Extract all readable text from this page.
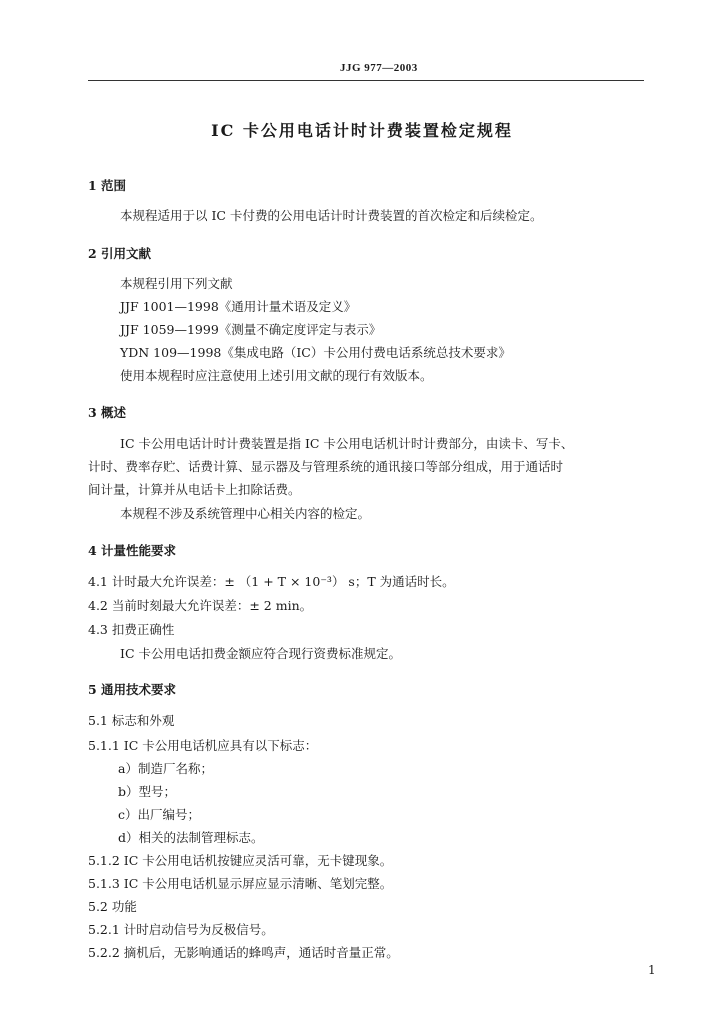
JJG 977—2003
IC 卡公用电话计时计费装置检定规程
1 范围
本规程适用于以 IC 卡付费的公用电话计时计费装置的首次检定和后续检定。
2 引用文献
本规程引用下列文献
JJF 1001—1998《通用计量术语及定义》
JJF 1059—1999《测量不确定度评定与表示》
YDN 109—1998《集成电路（IC）卡公用付费电话系统总技术要求》
使用本规程时应注意使用上述引用文献的现行有效版本。
3 概述
IC 卡公用电话计时计费装置是指 IC 卡公用电话机计时计费部分，由读卡、写卡、
计时、费率存贮、话费计算、显示器及与管理系统的通讯接口等部分组成，用于通话时
间计量，计算并从电话卡上扣除话费。
本规程不涉及系统管理中心相关内容的检定。
4 计量性能要求
4.1 计时最大允许误差：± （1 + T × 10⁻³） s；T 为通话时长。
4.2 当前时刻最大允许误差：± 2 min。
4.3 扣费正确性
IC 卡公用电话扣费金额应符合现行资费标准规定。
5 通用技术要求
5.1 标志和外观
5.1.1 IC 卡公用电话机应具有以下标志：
a）制造厂名称；
b）型号；
c）出厂编号；
d）相关的法制管理标志。
5.1.2 IC 卡公用电话机按键应灵活可靠，无卡键现象。
5.1.3 IC 卡公用电话机显示屏应显示清晰、笔划完整。
5.2 功能
5.2.1 计时启动信号为反极信号。
5.2.2 摘机后，无影响通话的蜂鸣声，通话时音量正常。
1
